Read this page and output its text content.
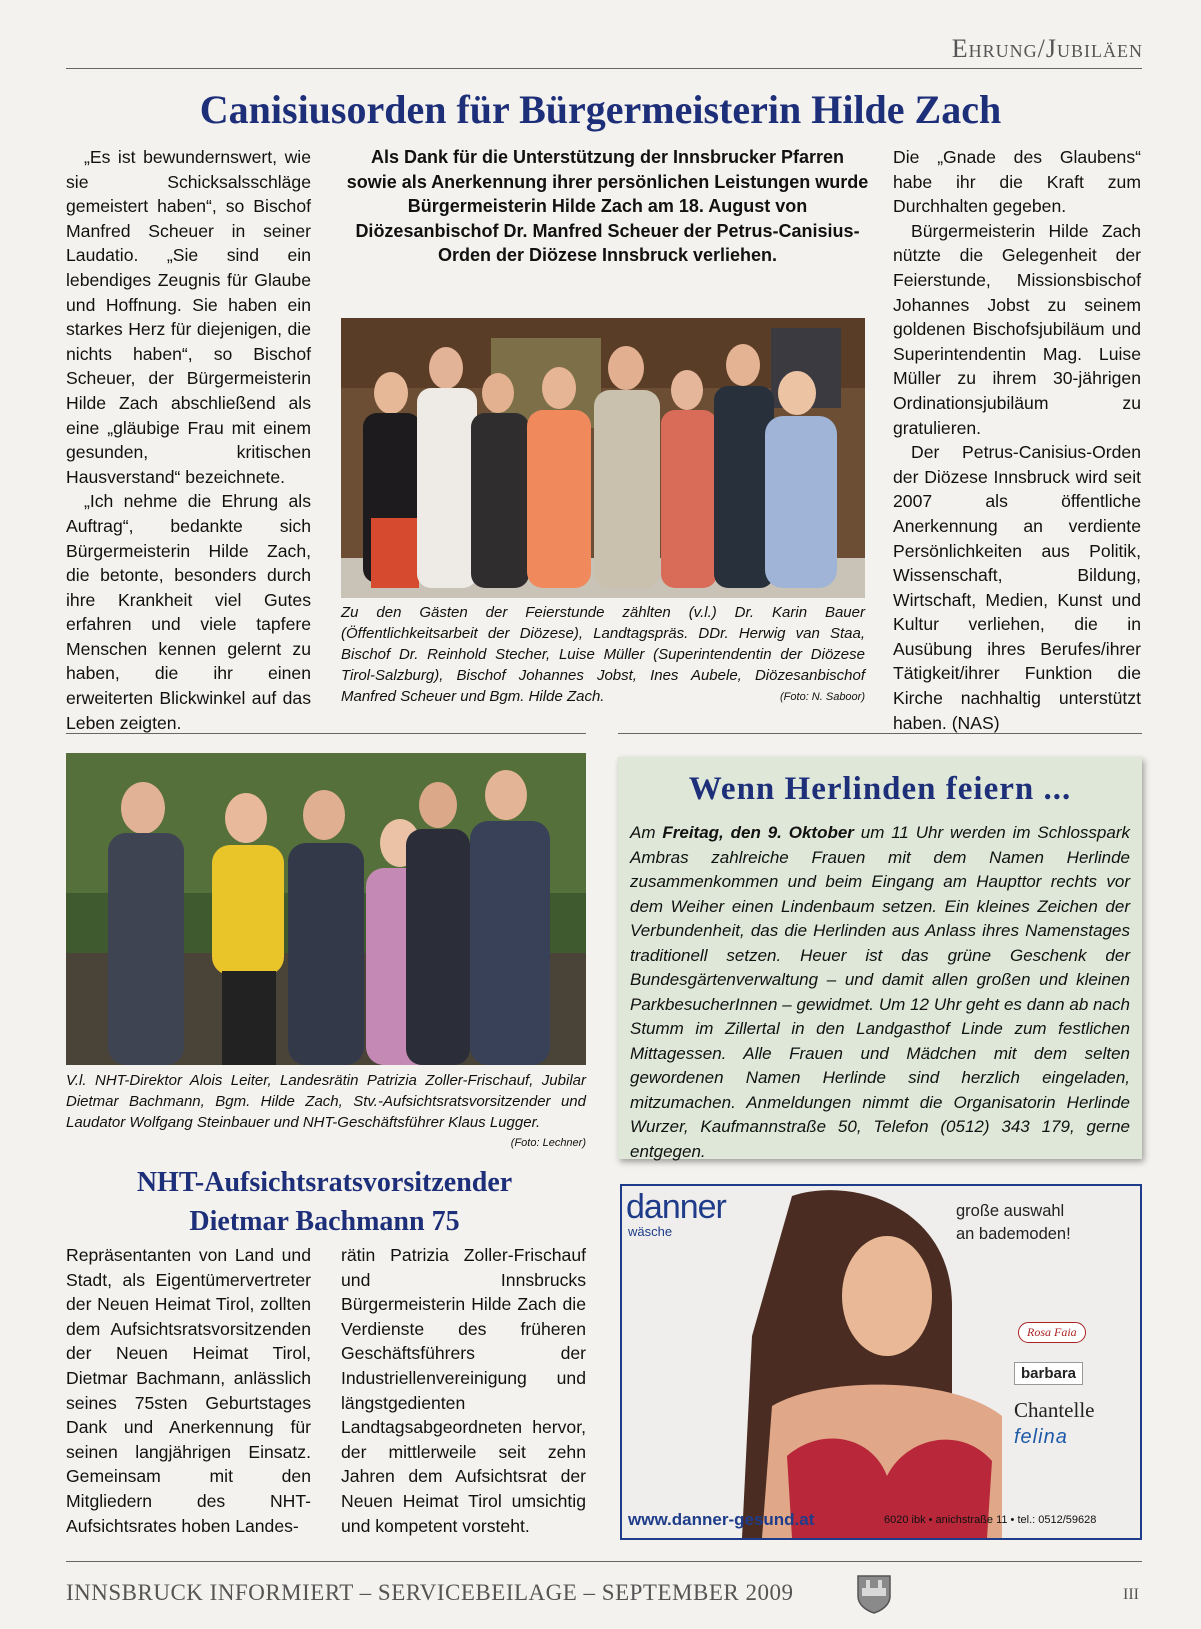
Ehrung/Jubiläen
Canisiusorden für Bürgermeisterin Hilde Zach

„Es ist bewundernswert, wie sie Schicksalsschläge gemeistert haben“, so Bischof Manfred Scheuer in seiner Laudatio. „Sie sind ein lebendiges Zeugnis für Glaube und Hoffnung. Sie haben ein starkes Herz für diejenigen, die nichts haben“, so Bischof Scheuer, der Bürgermeisterin Hilde Zach abschließend als eine „gläubige Frau mit einem gesunden, kritischen Hausverstand“ bezeichnete.

„Ich nehme die Ehrung als Auftrag“, bedankte sich Bürgermeisterin Hilde Zach, die betonte, besonders durch ihre Krankheit viel Gutes erfahren und viele tapfere Menschen kennen gelernt zu haben, die ihr einen erweiterten Blickwinkel auf das Leben zeigten.

Als Dank für die Unterstützung der Innsbrucker Pfarren sowie als Anerkennung ihrer persönlichen Leistungen wurde Bürgermeisterin Hilde Zach am 18. August von Diözesanbischof Dr. Manfred Scheuer der Petrus-Canisius-Orden der Diözese Innsbruck verliehen.
Zu den Gästen der Feierstunde zählten (v.l.) Dr. Karin Bauer (Öffentlichkeitsarbeit der Diözese), Landtagspräs. DDr. Herwig van Staa, Bischof Dr. Reinhold Stecher, Luise Müller (Superintendentin der Diözese Tirol-Salzburg), Bischof Johannes Jobst, Ines Aubele, Diözesanbischof Manfred Scheuer und Bgm. Hilde Zach.	(Foto: N. Saboor)

Die „Gnade des Glaubens“ habe ihr die Kraft zum Durchhalten gegeben.

Bürgermeisterin Hilde Zach nützte die Gelegenheit der Feierstunde, Missionsbischof Johannes Jobst zu seinem goldenen Bischofsjubiläum und Superintendentin Mag. Luise Müller zu ihrem 30-jährigen Ordinationsjubiläum zu gratulieren.

Der Petrus-Canisius-Orden der Diözese Innsbruck wird seit 2007 als öffentliche Anerkennung an verdiente Persönlichkeiten aus Politik, Wissenschaft, Bildung, Wirtschaft, Medien, Kunst und Kultur verliehen, die in Ausübung ihres Berufes/ihrer Tätigkeit/ihrer Funktion die Kirche nachhaltig unterstützt haben. (NAS)

V.l. NHT-Direktor Alois Leiter, Landesrätin Patrizia Zoller-Frischauf, Jubilar Dietmar Bachmann, Bgm. Hilde Zach, Stv.-Aufsichtsratsvorsitzender und Laudator Wolfgang Steinbauer und NHT-Geschäftsführer Klaus Lugger.
(Foto: Lechner)
NHT-Aufsichtsratsvorsitzender
Dietmar Bachmann 75

Repräsentanten von Land und Stadt, als Eigentümervertreter der Neuen Heimat Tirol, zollten dem Aufsichtsratsvorsitzenden der Neuen Heimat Tirol, Dietmar Bachmann, anlässlich seines 75sten Geburtstages Dank und Anerkennung für seinen langjährigen Einsatz. Gemeinsam mit den Mitgliedern des NHT-Aufsichtsrates hoben Landes-

rätin Patrizia Zoller-Frischauf und Innsbrucks Bürgermeisterin Hilde Zach die Verdienste des früheren Geschäftsführers der Industriellenvereinigung und längstgedienten Landtagsabgeordneten hervor, der mittlerweile seit zehn Jahren dem Aufsichtsrat der Neuen Heimat Tirol umsichtig und kompetent vorsteht.

Wenn Herlinden feiern ...
Am Freitag, den 9. Oktober um 11 Uhr werden im Schlosspark Ambras zahlreiche Frauen mit dem Namen Herlinde zusammenkommen und beim Eingang am Haupttor rechts vor dem Weiher einen Lindenbaum setzen. Ein kleines Zeichen der Verbundenheit, das die Herlinden aus Anlass ihres Namenstages traditionell setzen. Heuer ist das grüne Geschenk der Bundesgärtenverwaltung – und damit allen großen und kleinen ParkbesucherInnen – gewidmet. Um 12 Uhr geht es dann ab nach Stumm im Zillertal in den Landgasthof Linde zum festlichen Mittagessen. Alle Frauen und Mädchen mit dem selten gewordenen Namen Herlinde sind herzlich eingeladen, mitzumachen. Anmeldungen nimmt die Organisatorin Herlinde Wurzer, Kaufmannstraße 50, Telefon (0512) 343 179, gerne entgegen.
danner
wäsche
große auswahl
an bademoden!
Rosa Faia
barbara
Chantelle
felina
www.danner-gesund.at	6020 ibk • anichstraße 11 • tel.: 0512/59628
INNSBRUCK INFORMIERT – SERVICEBEILAGE – SEPTEMBER 2009	III
